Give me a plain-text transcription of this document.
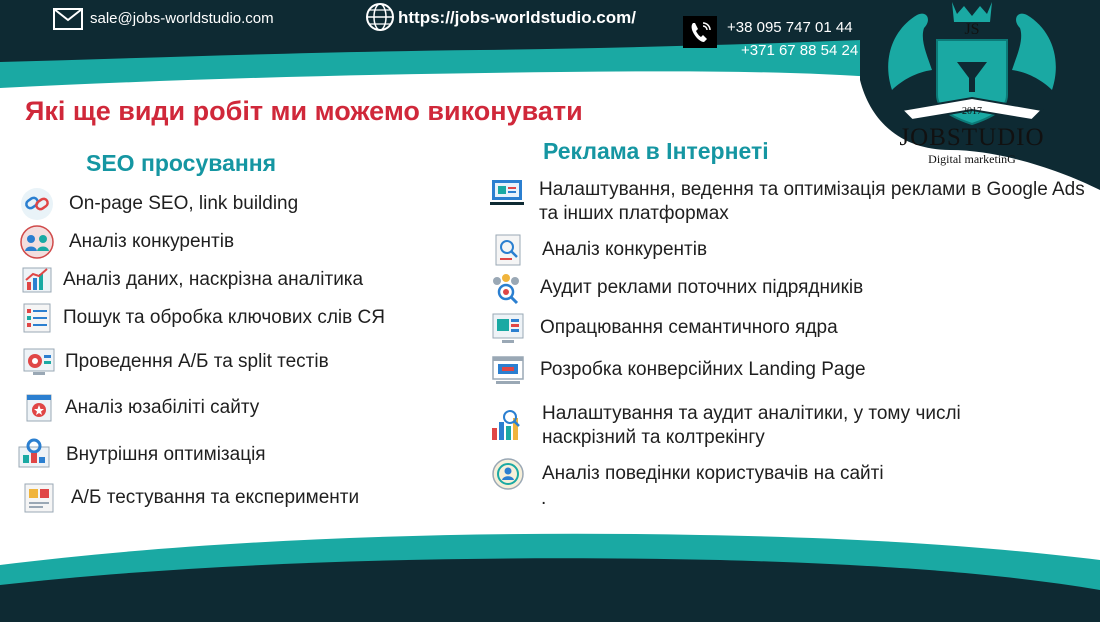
sale@jobs-worldstudio.com	https://jobs-worldstudio.com/
+38 095 747 01 44
+371 67 88 54 24
JS
2017
JOBSTUDIO
Digital marketinG
Які ще види робіт ми можемо виконувати
SEO просування
On-page SEO, link building
Аналіз конкурентів
Аналіз даних, наскрізна аналітика
Пошук та обробка ключових слів СЯ
Проведення А/Б та split тестів
Аналіз юзабіліті сайту
Внутрішня оптимізація
А/Б тестування та експерименти
Реклама в Інтернеті
Налаштування, ведення та оптимізація реклами в Google Ads та інших платформах
Аналіз конкурентів
Аудит реклами поточних підрядників
Опрацювання семантичного ядра
Розробка конверсійних Landing Page
Налаштування та аудит аналітики, у тому числі наскрізний та колтрекінгу
Аналіз поведінки користувачів на сайті
.
